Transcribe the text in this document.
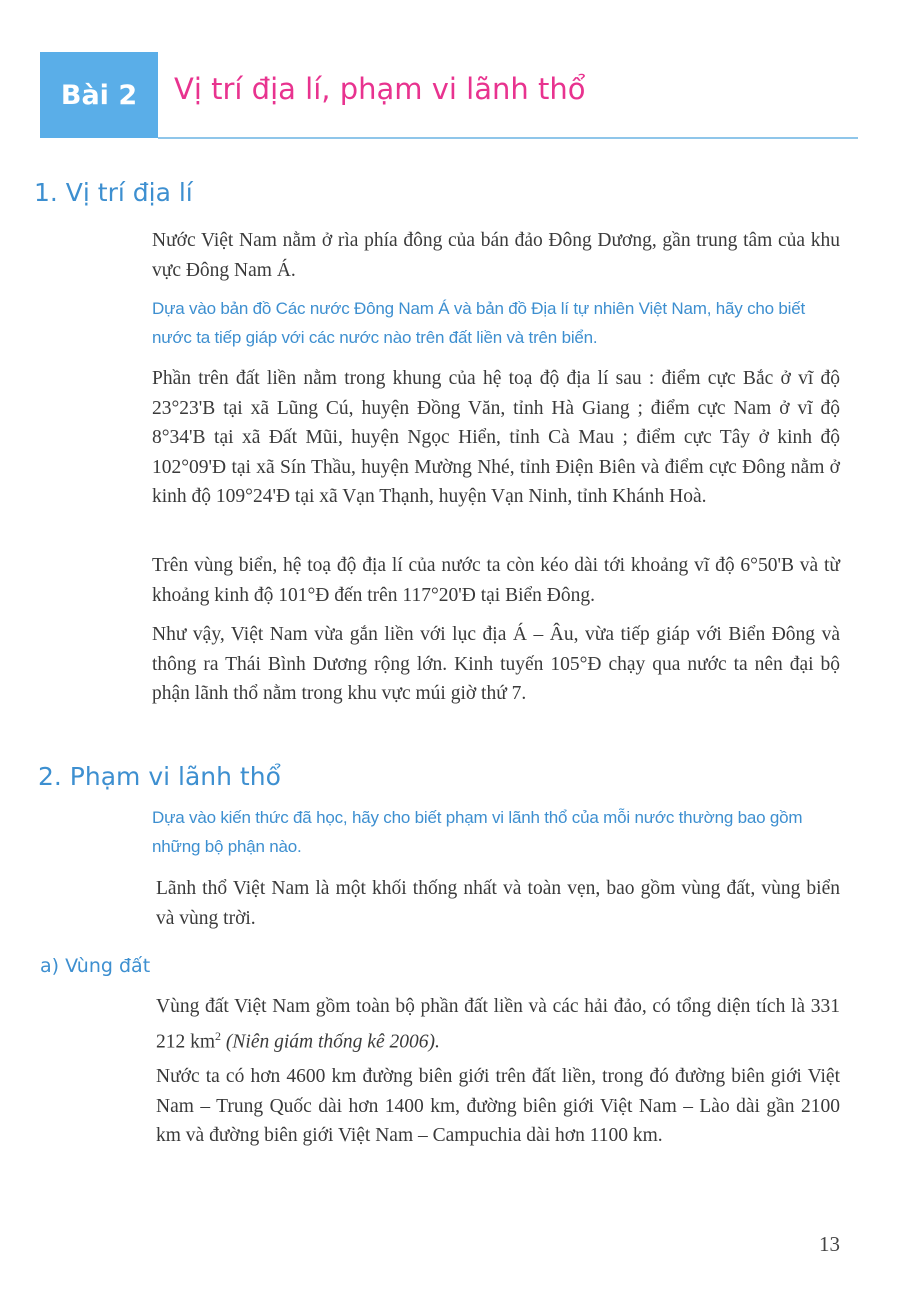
Bài 2 Vị trí địa lí, phạm vi lãnh thổ
1. Vị trí địa lí

Nước Việt Nam nằm ở rìa phía đông của bán đảo Đông Dương, gần trung tâm của khu vực Đông Nam Á.

Dựa vào bản đồ Các nước Đông Nam Á và bản đồ Địa lí tự nhiên Việt Nam, hãy cho biết nước ta tiếp giáp với các nước nào trên đất liền và trên biển.

Phần trên đất liền nằm trong khung của hệ toạ độ địa lí sau : điểm cực Bắc ở vĩ độ 23°23'B tại xã Lũng Cú, huyện Đồng Văn, tỉnh Hà Giang ; điểm cực Nam ở vĩ độ 8°34'B tại xã Đất Mũi, huyện Ngọc Hiển, tỉnh Cà Mau ; điểm cực Tây ở kinh độ 102°09'Đ tại xã Sín Thầu, huyện Mường Nhé, tỉnh Điện Biên và điểm cực Đông nằm ở kinh độ 109°24'Đ tại xã Vạn Thạnh, huyện Vạn Ninh, tỉnh Khánh Hoà.

Trên vùng biển, hệ toạ độ địa lí của nước ta còn kéo dài tới khoảng vĩ độ 6°50'B và từ khoảng kinh độ 101°Đ đến trên 117°20'Đ tại Biển Đông.

Như vậy, Việt Nam vừa gắn liền với lục địa Á – Âu, vừa tiếp giáp với Biển Đông và thông ra Thái Bình Dương rộng lớn. Kinh tuyến 105°Đ chạy qua nước ta nên đại bộ phận lãnh thổ nằm trong khu vực múi giờ thứ 7.

2. Phạm vi lãnh thổ

Dựa vào kiến thức đã học, hãy cho biết phạm vi lãnh thổ của mỗi nước thường bao gồm những bộ phận nào.

Lãnh thổ Việt Nam là một khối thống nhất và toàn vẹn, bao gồm vùng đất, vùng biển và vùng trời.

a) Vùng đất

Vùng đất Việt Nam gồm toàn bộ phần đất liền và các hải đảo, có tổng diện tích là 331 212 $km^2$ (Niên giám thống kê 2006).

Nước ta có hơn 4600 km đường biên giới trên đất liền, trong đó đường biên giới Việt Nam – Trung Quốc dài hơn 1400 km, đường biên giới Việt Nam – Lào dài gần 2100 km và đường biên giới Việt Nam – Campuchia dài hơn 1100 km.

13
